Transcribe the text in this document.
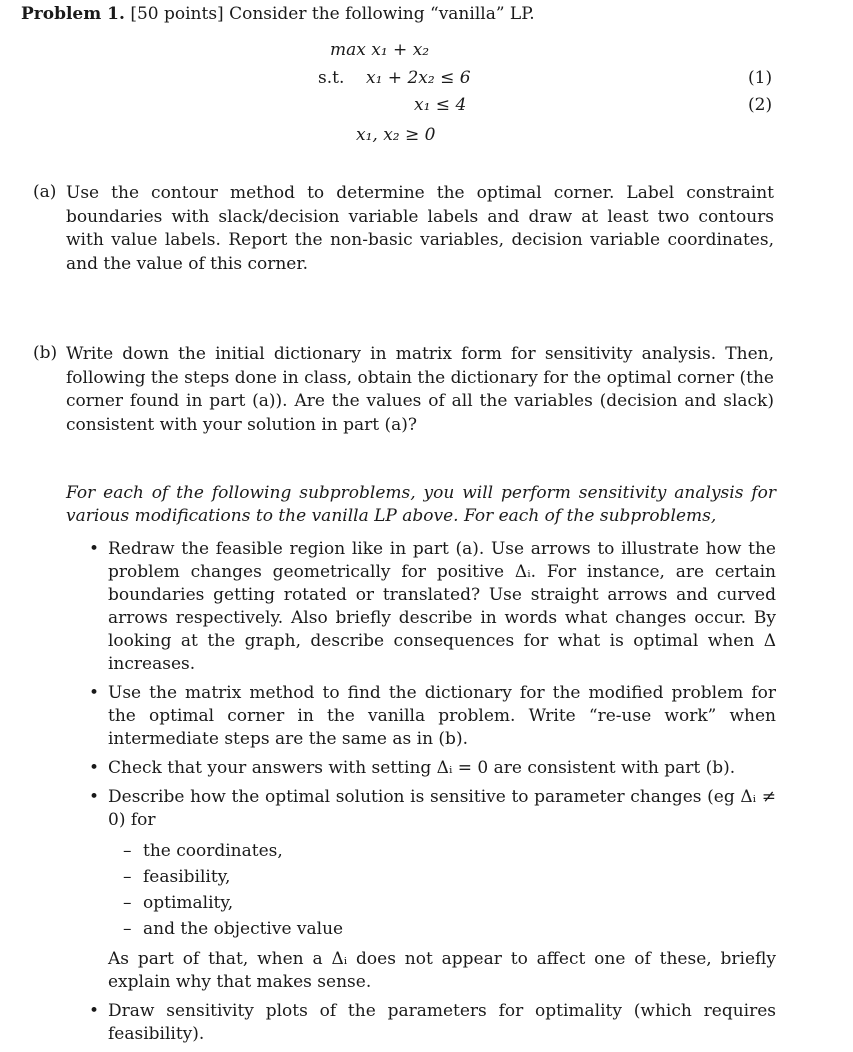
Problem 1. [50 points] Consider the following “vanilla” LP.
max x₁ + x₂
s.t. x₁ + 2x₂ ≤ 6	(1)
x₁ ≤ 4	(2)
x₁, x₂ ≥ 0
(a) Use the contour method to determine the optimal corner. Label constraint boundaries with slack/decision variable labels and draw at least two contours with value labels. Report the non-basic variables, decision variable coordinates, and the value of this corner.
(b) Write down the initial dictionary in matrix form for sensitivity analysis. Then, following the steps done in class, obtain the dictionary for the optimal corner (the corner found in part (a)). Are the values of all the variables (decision and slack) consistent with your solution in part (a)?
For each of the following subproblems, you will perform sensitivity analysis for various modifications to the vanilla LP above. For each of the subproblems,
• Redraw the feasible region like in part (a). Use arrows to illustrate how the problem changes geometrically for positive Δᵢ. For instance, are certain boundaries getting rotated or translated? Use straight arrows and curved arrows respectively. Also briefly describe in words what changes occur. By looking at the graph, describe consequences for what is optimal when Δ increases.
• Use the matrix method to find the dictionary for the modified problem for the optimal corner in the vanilla problem. Write “re-use work” when intermediate steps are the same as in (b).
• Check that your answers with setting Δᵢ = 0 are consistent with part (b).
• Describe how the optimal solution is sensitive to parameter changes (eg Δᵢ ≠ 0) for
– the coordinates,
– feasibility,
– optimality,
– and the objective value
As part of that, when a Δᵢ does not appear to affect one of these, briefly explain why that makes sense.
• Draw sensitivity plots of the parameters for optimality (which requires feasibility).
